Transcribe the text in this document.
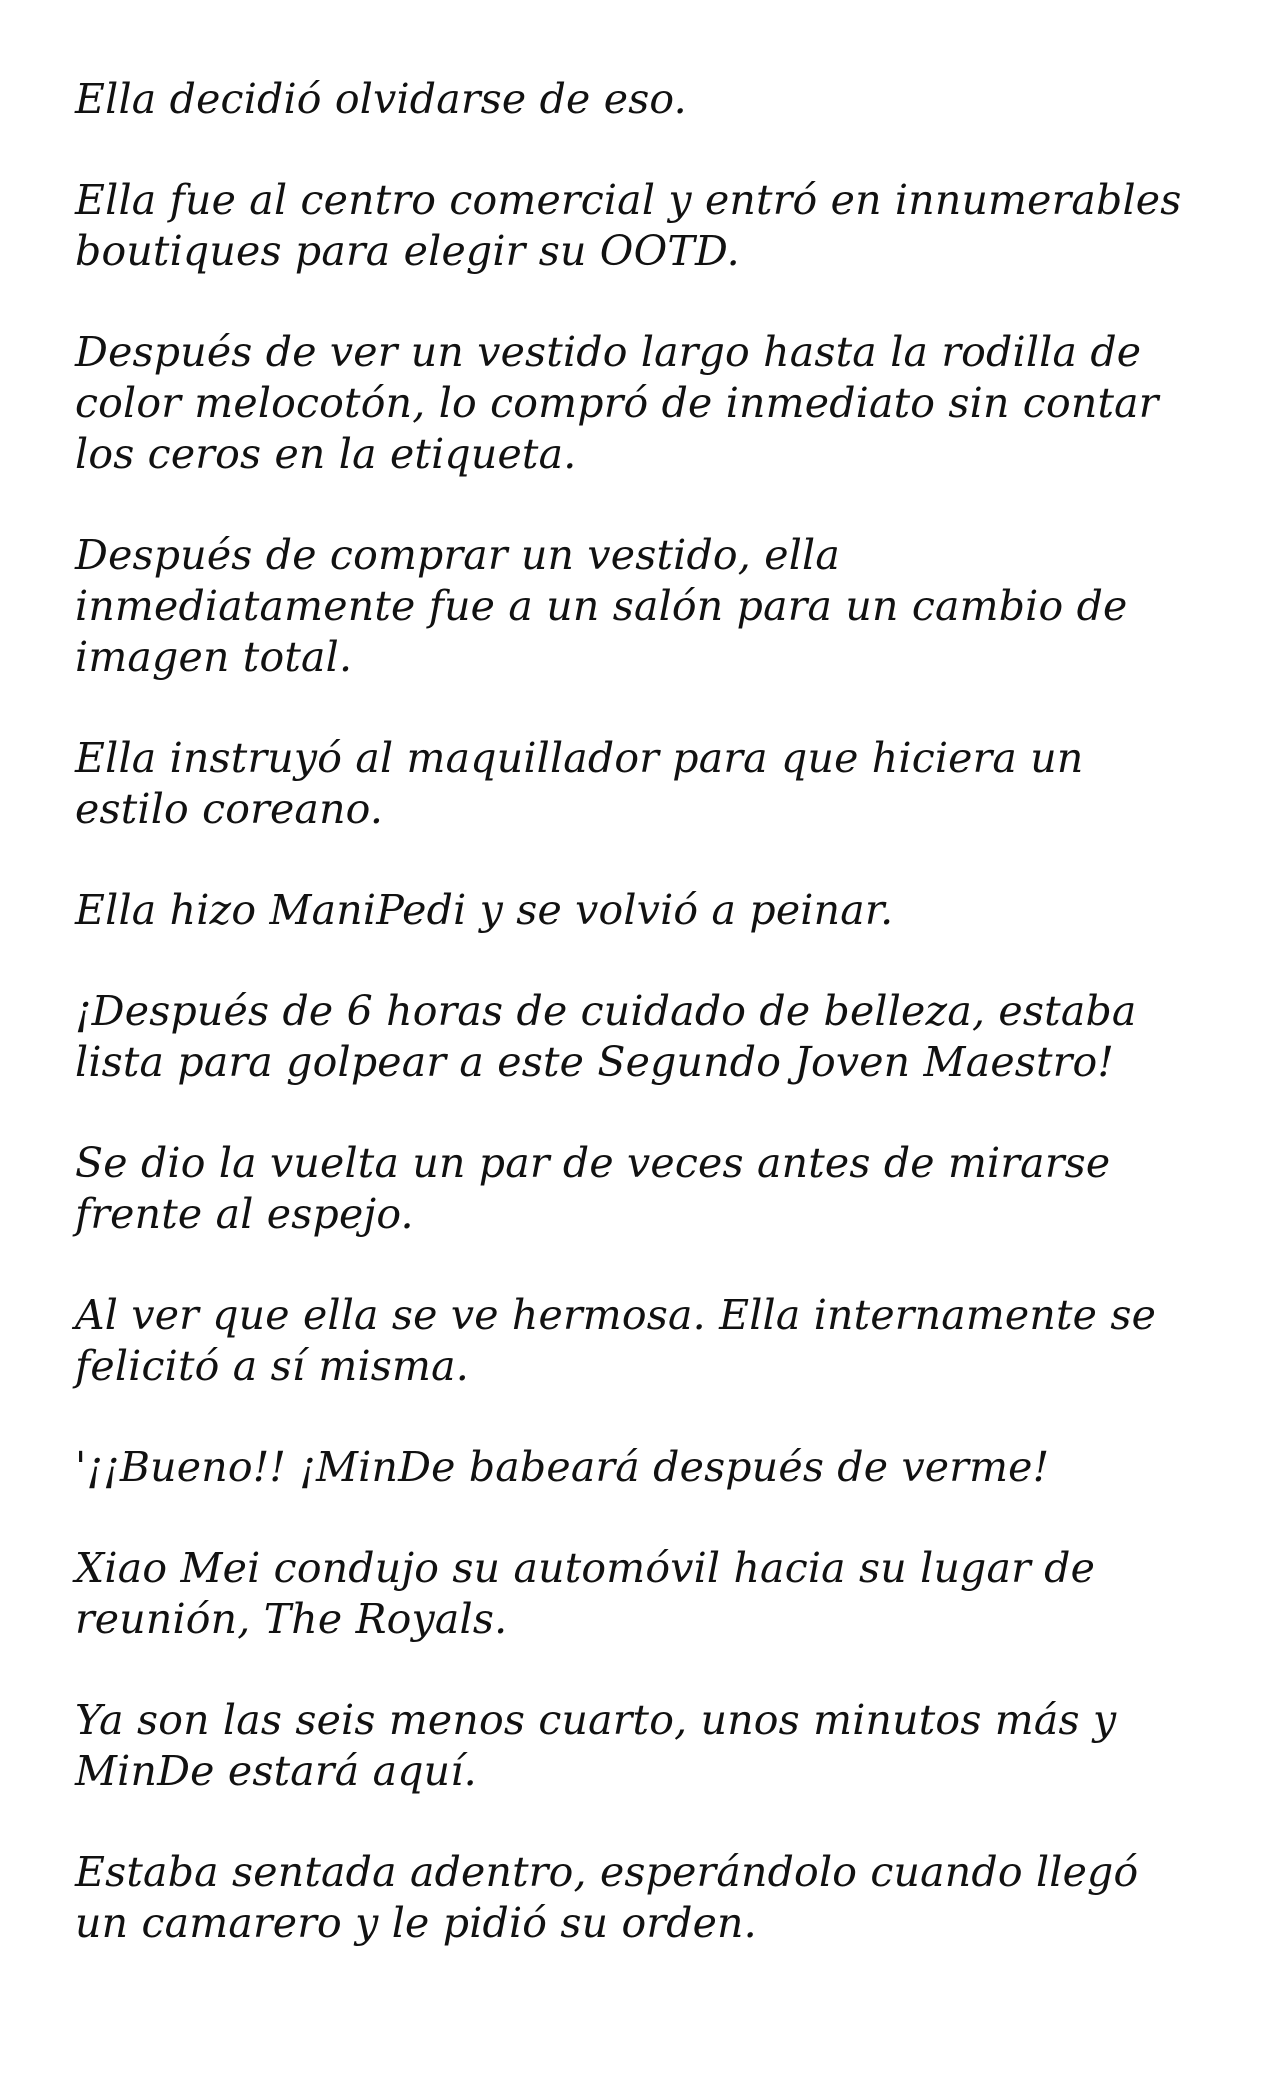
Ella decidió olvidarse de eso.

Ella fue al centro comercial y entró en innumerables
boutiques para elegir su OOTD.

Después de ver un vestido largo hasta la rodilla de
color melocotón, lo compró de inmediato sin contar
los ceros en la etiqueta.

Después de comprar un vestido, ella
inmediatamente fue a un salón para un cambio de
imagen total.

Ella instruyó al maquillador para que hiciera un
estilo coreano.

Ella hizo ManiPedi y se volvió a peinar.

¡Después de 6 horas de cuidado de belleza, estaba
lista para golpear a este Segundo Joven Maestro!

Se dio la vuelta un par de veces antes de mirarse
frente al espejo.

Al ver que ella se ve hermosa. Ella internamente se
felicitó a sí misma.

'¡¡Bueno!! ¡MinDe babeará después de verme!

Xiao Mei condujo su automóvil hacia su lugar de
reunión, The Royals.

Ya son las seis menos cuarto, unos minutos más y
MinDe estará aquí.

Estaba sentada adentro, esperándolo cuando llegó
un camarero y le pidió su orden.
